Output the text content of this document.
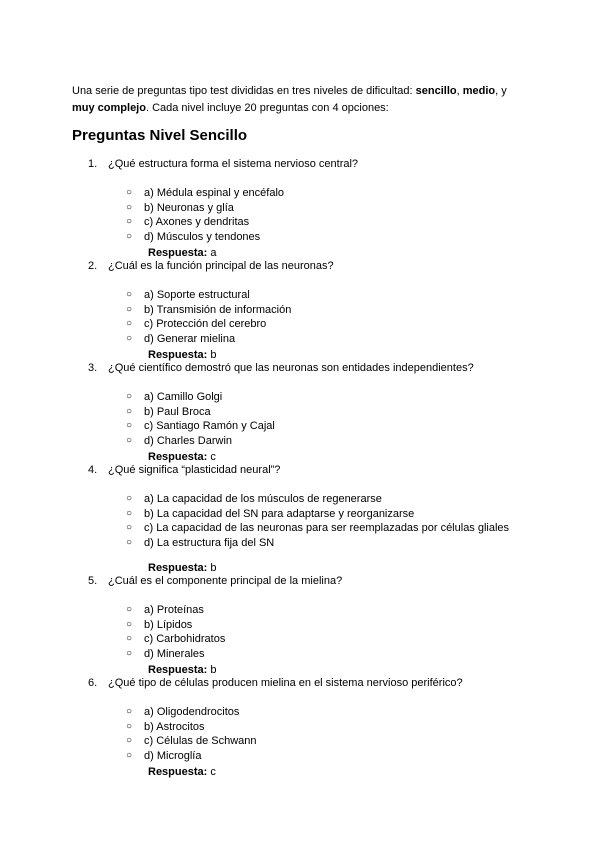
Una serie de preguntas tipo test divididas en tres niveles de dificultad: sencillo, medio, y muy complejo. Cada nivel incluye 20 preguntas con 4 opciones:

Preguntas Nivel Sencillo
1. ¿Qué estructura forma el sistema nervioso central?
○ a) Médula espinal y encéfalo
○ b) Neuronas y glía
○ c) Axones y dendritas
○ d) Músculos y tendones
Respuesta: a
2. ¿Cuál es la función principal de las neuronas?
○ a) Soporte estructural
○ b) Transmisión de información
○ c) Protección del cerebro
○ d) Generar mielina
Respuesta: b
3. ¿Qué científico demostró que las neuronas son entidades independientes?
○ a) Camillo Golgi
○ b) Paul Broca
○ c) Santiago Ramón y Cajal
○ d) Charles Darwin
Respuesta: c
4. ¿Qué significa “plasticidad neural”?
○ a) La capacidad de los músculos de regenerarse
○ b) La capacidad del SN para adaptarse y reorganizarse
○ c) La capacidad de las neuronas para ser reemplazadas por células gliales
○ d) La estructura fija del SN
Respuesta: b
5. ¿Cuál es el componente principal de la mielina?
○ a) Proteínas
○ b) Lípidos
○ c) Carbohidratos
○ d) Minerales
Respuesta: b
6. ¿Qué tipo de células producen mielina en el sistema nervioso periférico?
○ a) Oligodendrocitos
○ b) Astrocitos
○ c) Células de Schwann
○ d) Microglía
Respuesta: c
